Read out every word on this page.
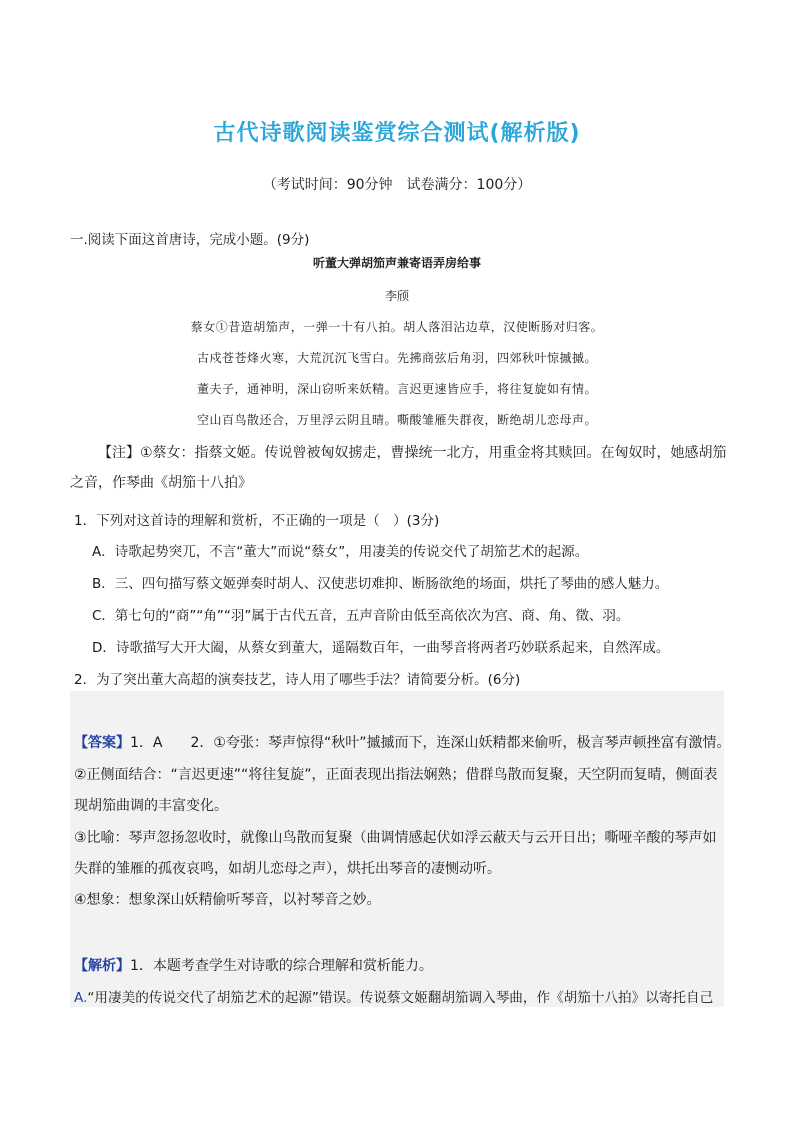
古代诗歌阅读鉴赏综合测试(解析版)
（考试时间：90分钟　试卷满分：100分）
一.阅读下面这首唐诗，完成小题。(9分)
听董大弹胡笳声兼寄语弄房给事
李颀
蔡女①昔造胡笳声，一弹一十有八拍。胡人落泪沾边草，汉使断肠对归客。
古戍苍苍烽火寒，大荒沉沉飞雪白。先拂商弦后角羽，四郊秋叶惊摵摵。
董夫子，通神明，深山窃听来妖精。言迟更速皆应手，将往复旋如有情。
空山百鸟散还合，万里浮云阴且晴。嘶酸雏雁失群夜，断绝胡儿恋母声。
【注】①蔡女：指蔡文姬。传说曾被匈奴掳走，曹操统一北方，用重金将其赎回。在匈奴时，她感胡笳之音，作琴曲《胡笳十八拍》
1．下列对这首诗的理解和赏析，不正确的一项是（　）(3分)
A．诗歌起势突兀，不言“董大”而说“蔡女”，用凄美的传说交代了胡笳艺术的起源。
B．三、四句描写蔡文姬弹奏时胡人、汉使悲切难抑、断肠欲绝的场面，烘托了琴曲的感人魅力。
C．第七句的“商”“角”“羽”属于古代五音，五声音阶由低至高依次为宫、商、角、徵、羽。
D．诗歌描写大开大阖，从蔡女到董大，遥隔数百年，一曲琴音将两者巧妙联系起来，自然浑成。
2．为了突出董大高超的演奏技艺，诗人用了哪些手法？请简要分析。(6分)
【答案】1．A　　2．①夸张：琴声惊得“秋叶”摵摵而下，连深山妖精都来偷听，极言琴声顿挫富有激情。
②正侧面结合：“言迟更速”“将往复旋”，正面表现出指法娴熟；借群鸟散而复聚，天空阴而复晴，侧面表
现胡笳曲调的丰富变化。
③比喻：琴声忽扬忽收时，就像山鸟散而复聚（曲调情感起伏如浮云蔽天与云开日出；嘶哑辛酸的琴声如
失群的雏雁的孤夜哀鸣，如胡儿恋母之声），烘托出琴音的凄恻动听。
④想象：想象深山妖精偷听琴音，以衬琴音之妙。
【解析】1．本题考查学生对诗歌的综合理解和赏析能力。
A.“用凄美的传说交代了胡笳艺术的起源”错误。传说蔡文姬翻胡笳调入琴曲，作《胡笳十八拍》以寄托自己
